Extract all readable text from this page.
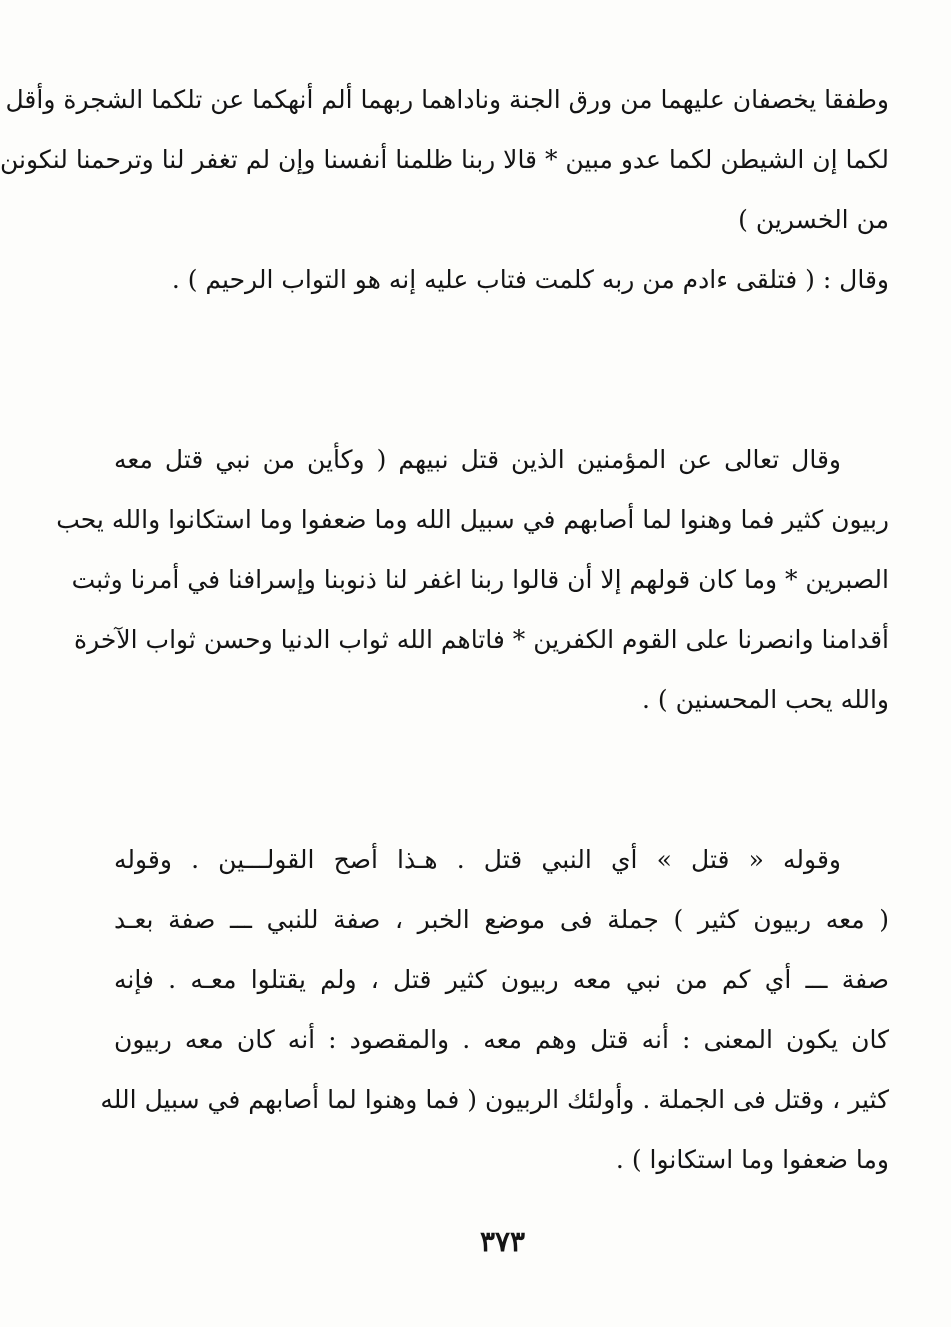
وطفقا يخصفان عليهما من ورق الجنة وناداهما ربهما ألم أنهكما عن تلكما الشجرة وأقل
لكما إن الشيطن لكما عدو مبين * قالا ربنا ظلمنا أنفسنا وإن لم تغفر لنا وترحمنا لنكونن
من الخسرين )
وقال : ( فتلقى ءادم من ربه كلمت فتاب عليه إنه هو التواب الرحيم ) .
وقال تعالى عن المؤمنين الذين قتل نبيهم ( وكأين من نبي قتل معه
ربيون كثير فما وهنوا لما أصابهم في سبيل الله وما ضعفوا وما استكانوا والله يحب
الصبرين * وما كان قولهم إلا أن قالوا ربنا اغفر لنا ذنوبنا وإسرافنا في أمرنا وثبت
أقدامنا وانصرنا على القوم الكفرين * فاتاهم الله ثواب الدنيا وحسن ثواب الآخرة
والله يحب المحسنين ) .
وقوله « قتل » أي النبي قتل . هـذا أصح القولـــين . وقوله
( معه ربيون كثير ) جملة فى موضع الخبر ، صفة للنبي ـــ صفة بعـد
صفة ـــ أي كم من نبي معه ربيون كثير قتل ، ولم يقتلوا معـه . فإنه
كان يكون المعنى : أنه قتل وهم معه . والمقصود : أنه كان معه ربيون
كثير ، وقتل فى الجملة . وأولئك الربيون ( فما وهنوا لما أصابهم في سبيل الله
وما ضعفوا وما استكانوا ) .
٣٧٣
